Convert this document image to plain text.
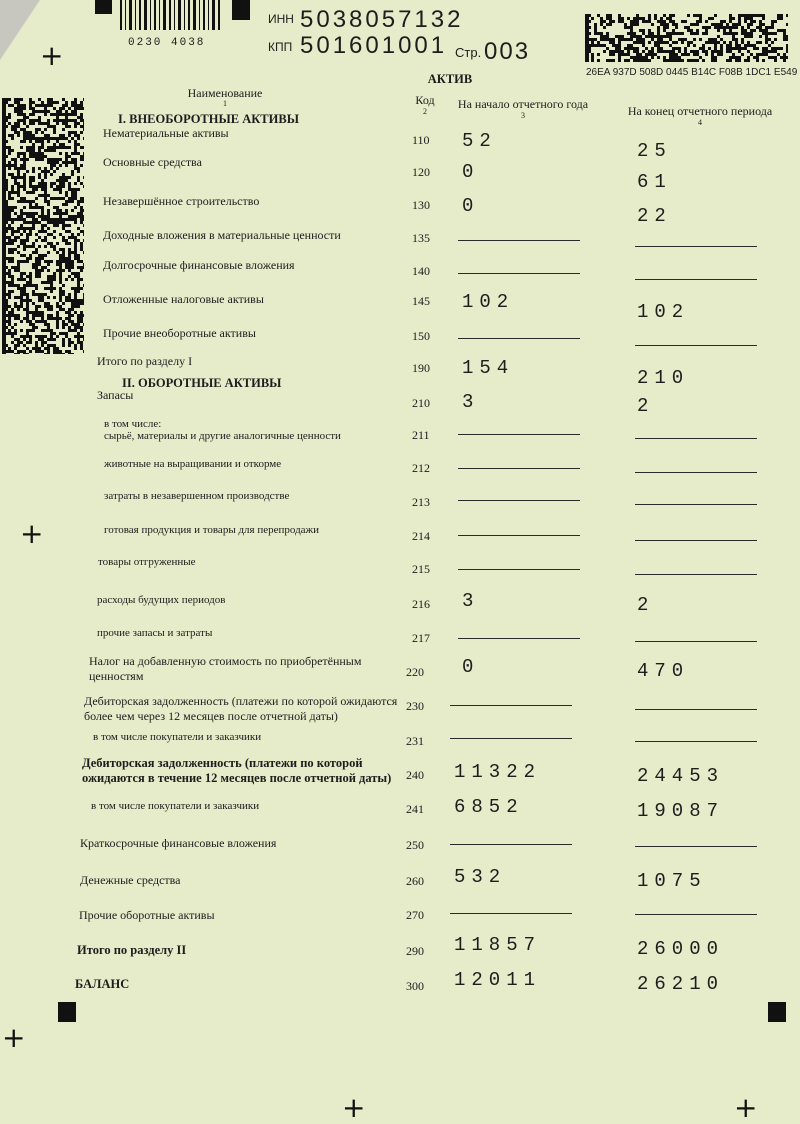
+	0230 4038
ИНН 5038057132
КПП 501601001 Стр. 003
26EA 937D 508D 0445 B14C F08B 1DC1 E549
Наименование
1	Код
2
На начало отчетного года
3	На конец отчетного периода
4
АКТИВ
I. ВНЕОБОРОТНЫЕ АКТИВЫ
II. ОБОРОТНЫЕ АКТИВЫ
Нематериальные активы	110 52	25
Основные средства
120 0	61
Незавершённое строительство	130 0	22
Доходные вложения в материальные ценности	135
Долгосрочные финансовые вложения	140
Отложенные налоговые активы	145 102	102
Прочие внеоборотные активы	150
Итого по разделу I	190 154	210
Запасы
210 3	2
в том числе:
сырьё, материалы и другие аналогичные ценности	211
животные на выращивании и откорме	212
затраты в незавершенном производстве	213
готовая продукция и товары для перепродажи	214
товары отгруженные	215
расходы будущих периодов	216 3	2
прочие запасы и затраты	217
Налог на добавленную стоимость по приобретённым
ценностям	220 0	470
Дебиторская задолженность (платежи по которой ожидаются
более чем через 12 месяцев после отчетной даты)
230
в том числе покупатели и заказчики	231
Дебиторская задолженность (платежи по которой
ожидаются в течение 12 месяцев после отчетной даты) 240 11322	24453
в том числе покупатели и заказчики	241 6852	19087
Краткосрочные финансовые вложения	250
Денежные средства	260 532	1075
Прочие оборотные активы	270
Итого по разделу II	290 11857	26000
БАЛАНС	300 12011	26210
+
+
+	+
